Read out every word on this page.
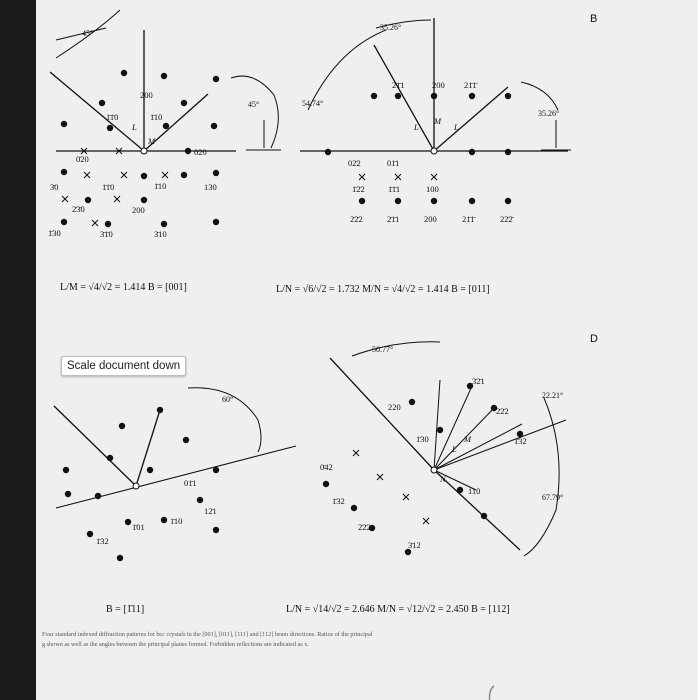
45°
45°
200
1̄1̄0	1̄10
020
0̄20
3̄0	1̄1̄0	1̄10	130
2̄3̄0	200
1̄30	3̄1̄0	3̄10
L
M
L/M = √4/√2 = 1.414 B = [001]
35.26°
54.74°
35.26°
2̄1̄1	200 21̄1̄
02̄2	01̄1
1̄2̄2	1̄1̄1	100
2̄2̄2	2̄1̄1	200	21̄1̄	22̄2̄
L
M
L
L/N = √6/√2 = 1.732 M/N = √4/√2 = 1.414 B = [011]
B
60°
01̄1
12̄1
1̄10
1̄01
1̄32
B = [1̄11]
50.77°
22.21°
67.79°
3̄2̄1
220	2̄2̄2
1̄30	1̄32
0̄42
110
1̄32
2̄2̄2
3̄12
L
M
N
L/N = √14/√2 = 2.646 M/N = √12/√2 = 2.450 B = [112]
D
Four standard indexed diffraction patterns for bcc crystals in the [001], [011], [111] and [112] beam directions. Ratios of the principal
g shown as well as the angles between the principal planes formed. Forbidden reflections are indicated as x.
Scale document down
